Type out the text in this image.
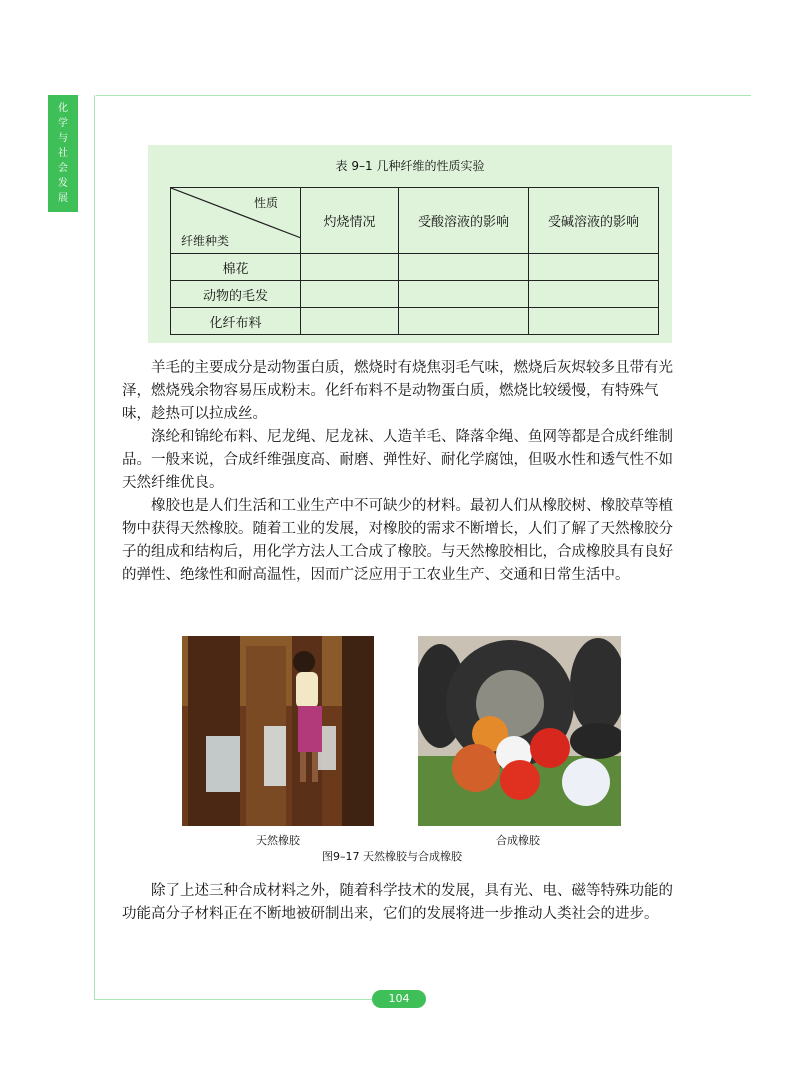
化
学
与
社
会
发
展
表 9–1 几种纤维的性质实验
性质
纤维种类	灼烧情况	受酸溶液的影响	受碱溶液的影响
棉花			
动物的毛发			
化纤布料			

羊毛的主要成分是动物蛋白质，燃烧时有烧焦羽毛气味，燃烧后灰烬较多且带有光泽，燃烧残余物容易压成粉末。化纤布料不是动物蛋白质，燃烧比较缓慢，有特殊气味，趁热可以拉成丝。

涤纶和锦纶布料、尼龙绳、尼龙袜、人造羊毛、降落伞绳、鱼网等都是合成纤维制品。一般来说，合成纤维强度高、耐磨、弹性好、耐化学腐蚀，但吸水性和透气性不如天然纤维优良。

橡胶也是人们生活和工业生产中不可缺少的材料。最初人们从橡胶树、橡胶草等植物中获得天然橡胶。随着工业的发展，对橡胶的需求不断增长，人们了解了天然橡胶分子的组成和结构后，用化学方法人工合成了橡胶。与天然橡胶相比，合成橡胶具有良好的弹性、绝缘性和耐高温性，因而广泛应用于工农业生产、交通和日常生活中。

天然橡胶	合成橡胶
图9–17 天然橡胶与合成橡胶

除了上述三种合成材料之外，随着科学技术的发展，具有光、电、磁等特殊功能的功能高分子材料正在不断地被研制出来，它们的发展将进一步推动人类社会的进步。

104
